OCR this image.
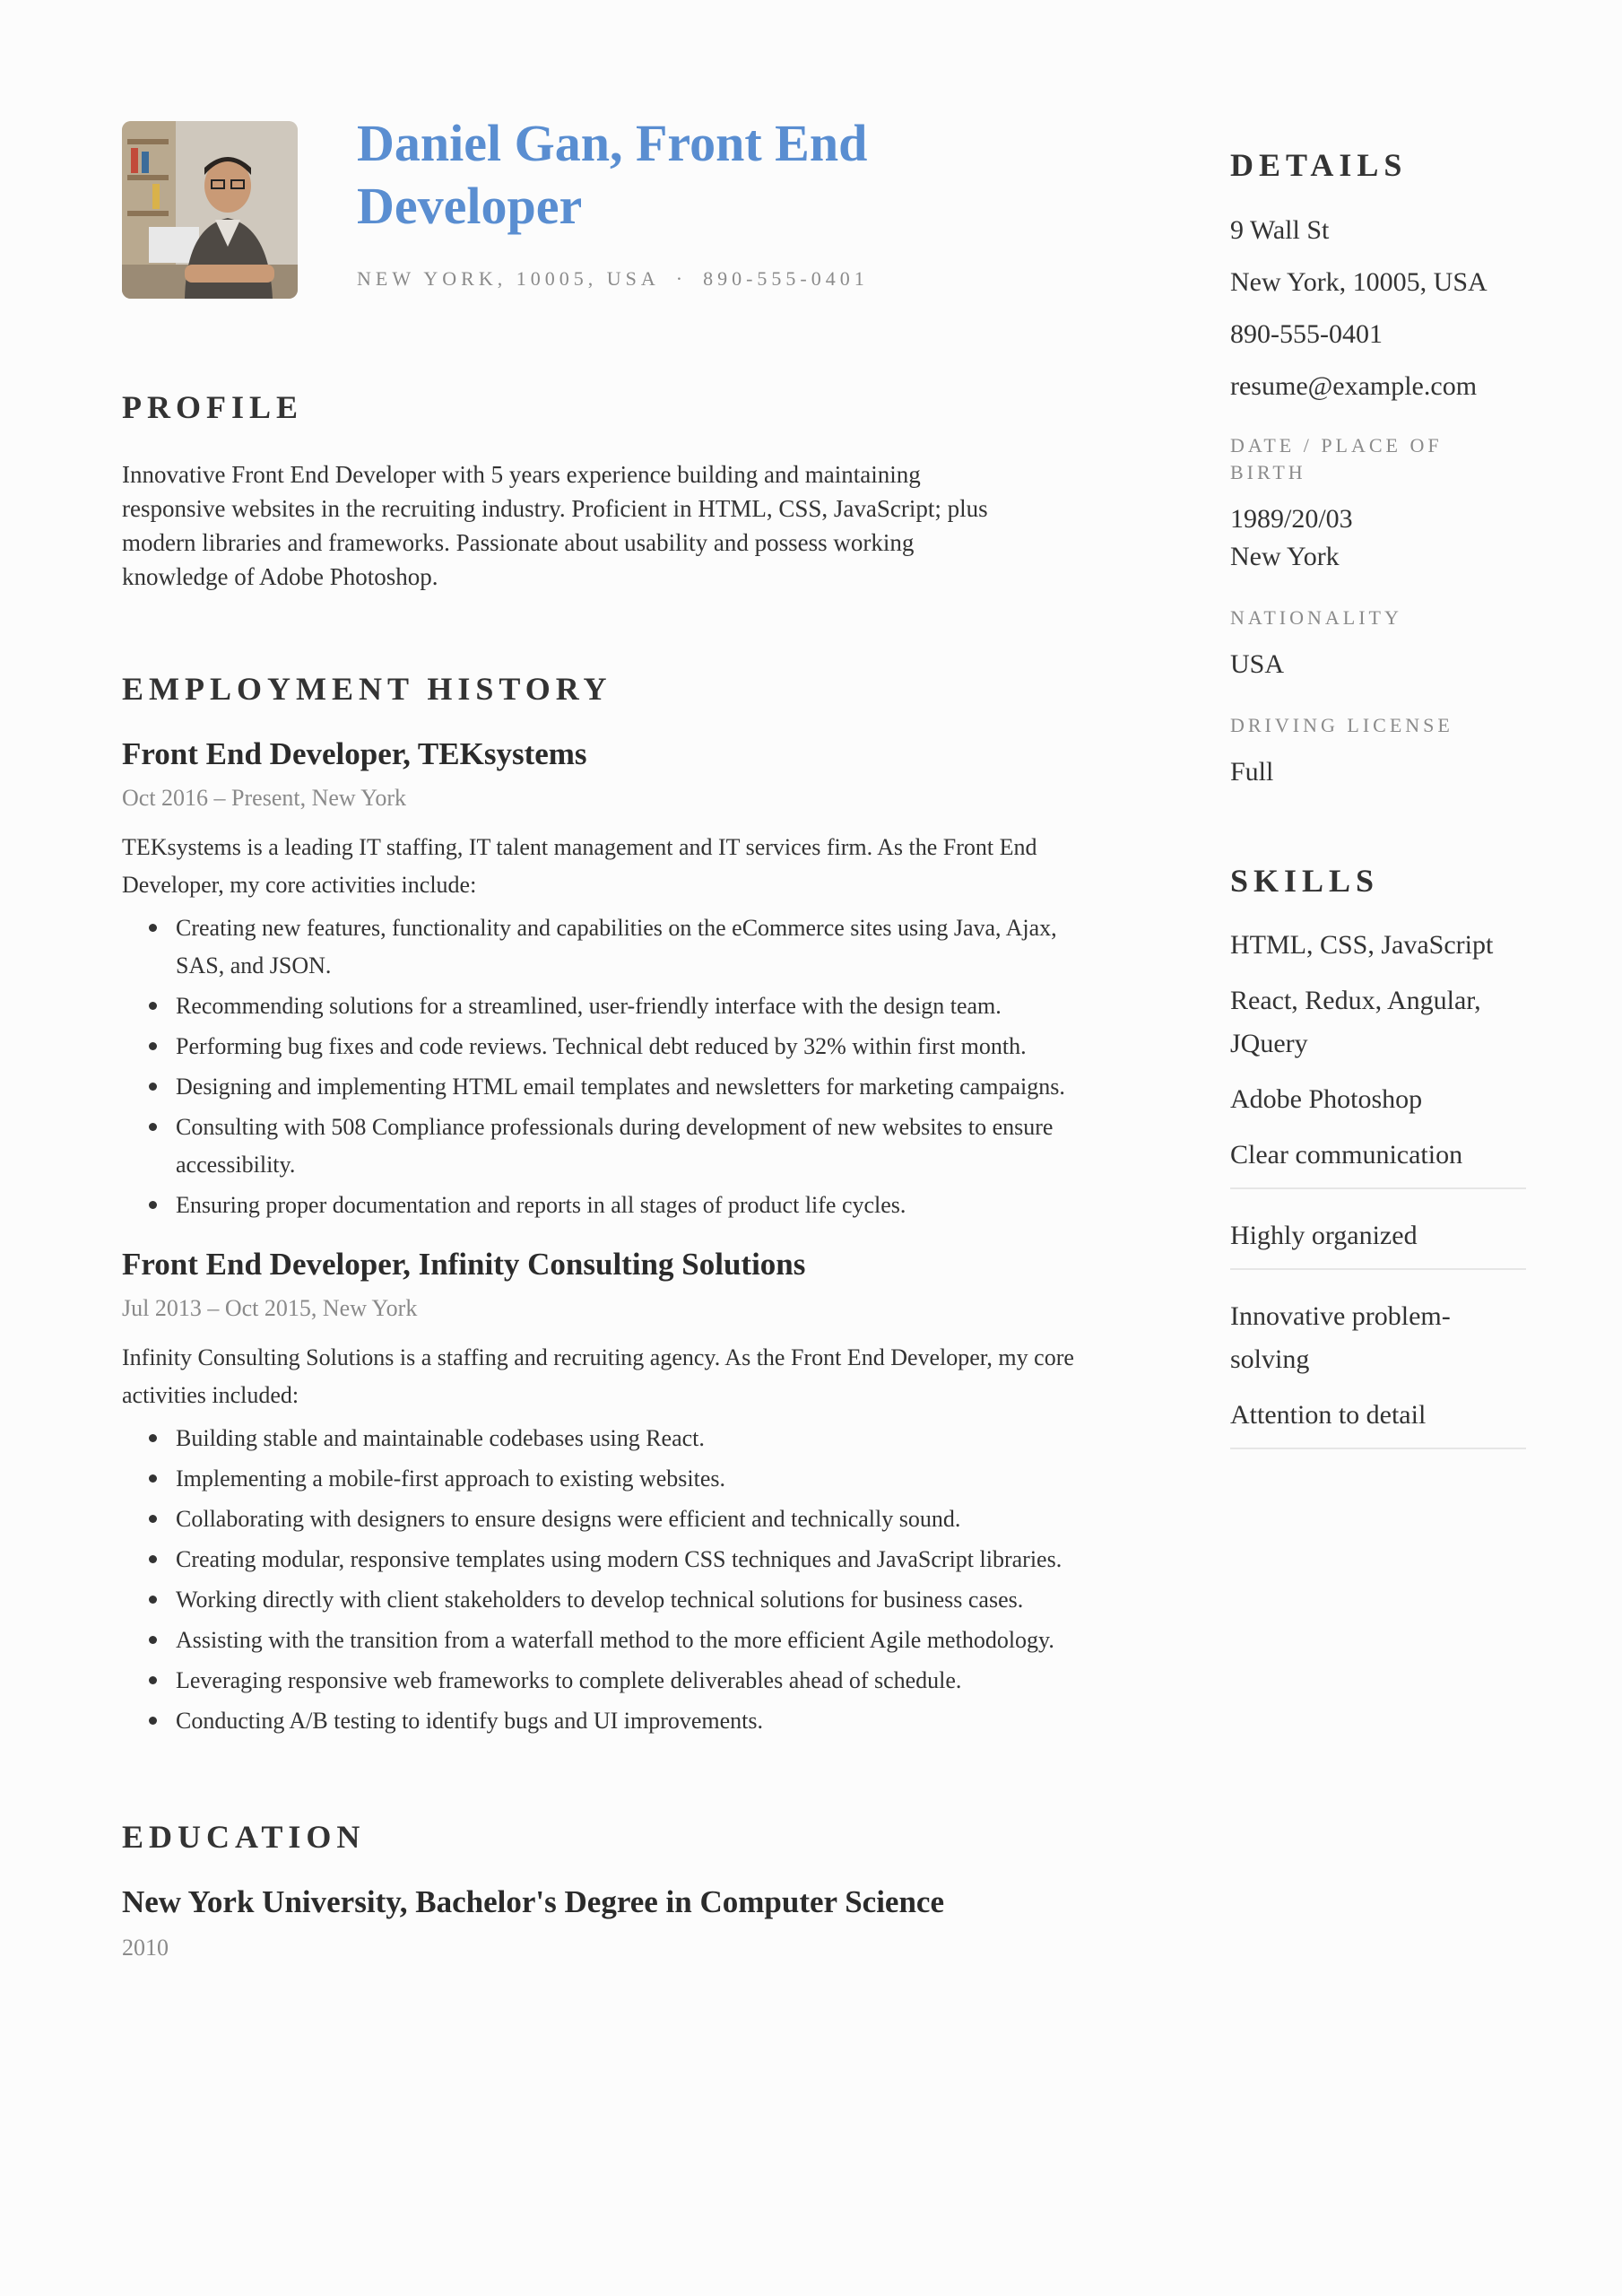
Daniel Gan, Front End Developer
NEW YORK, 10005, USA · 890-555-0401
PROFILE

Innovative Front End Developer with 5 years experience building and maintaining responsive websites in the recruiting industry. Proficient in HTML, CSS, JavaScript; plus modern libraries and frameworks. Passionate about usability and possess working knowledge of Adobe Photoshop.

EMPLOYMENT HISTORY
Front End Developer, TEKsystems

Oct 2016 – Present, New York

TEKsystems is a leading IT staffing, IT talent management and IT services firm. As the Front End Developer, my core activities include:

Creating new features, functionality and capabilities on the eCommerce sites using Java, Ajax, SAS, and JSON.
Recommending solutions for a streamlined, user-friendly interface with the design team.
Performing bug fixes and code reviews. Technical debt reduced by 32% within first month.
Designing and implementing HTML email templates and newsletters for marketing campaigns.
Consulting with 508 Compliance professionals during development of new websites to ensure accessibility.
Ensuring proper documentation and reports in all stages of product life cycles.
Front End Developer, Infinity Consulting Solutions

Jul 2013 – Oct 2015, New York

Infinity Consulting Solutions is a staffing and recruiting agency. As the Front End Developer, my core activities included:

Building stable and maintainable codebases using React.
Implementing a mobile-first approach to existing websites.
Collaborating with designers to ensure designs were efficient and technically sound.
Creating modular, responsive templates using modern CSS techniques and JavaScript libraries.
Working directly with client stakeholders to develop technical solutions for business cases.
Assisting with the transition from a waterfall method to the more efficient Agile methodology.
Leveraging responsive web frameworks to complete deliverables ahead of schedule.
Conducting A/B testing to identify bugs and UI improvements.
EDUCATION
New York University, Bachelor's Degree in Computer Science

2010

DETAILS

9 Wall St

New York, 10005, USA

890-555-0401

resume@example.com

DATE / PLACE OF BIRTH

1989/20/03

New York

NATIONALITY

USA

DRIVING LICENSE

Full

SKILLS
HTML, CSS, JavaScript
React, Redux, Angular, JQuery
Adobe Photoshop
Clear communication
Highly organized
Innovative problem-solving
Attention to detail
